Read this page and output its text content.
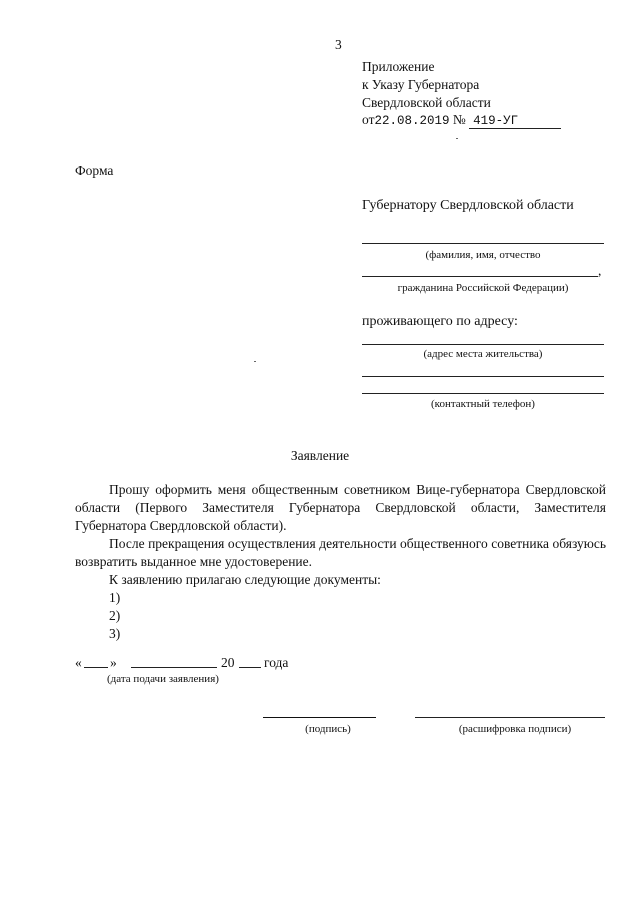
3
Приложение
к Указу Губернатора
Свердловской области
от22.08.2019 № 419-УГ
Форма
Губернатору Свердловской области
(фамилия, имя, отчество
,
гражданина Российской Федерации)
проживающего по адресу:
(адрес места жительства)
(контактный телефон)
Заявление
Прошу оформить меня общественным советником Вице-губернатора Свердловской области (Первого Заместителя Губернатора Свердловской области, Заместителя Губернатора Свердловской области).
После прекращения осуществления деятельности общественного советника обязуюсь возвратить выданное мне удостоверение.
К заявлению прилагаю следующие документы:
1)
2)
3)
« »	20 года
(дата подачи заявления)
(подпись)	(расшифровка подписи)
